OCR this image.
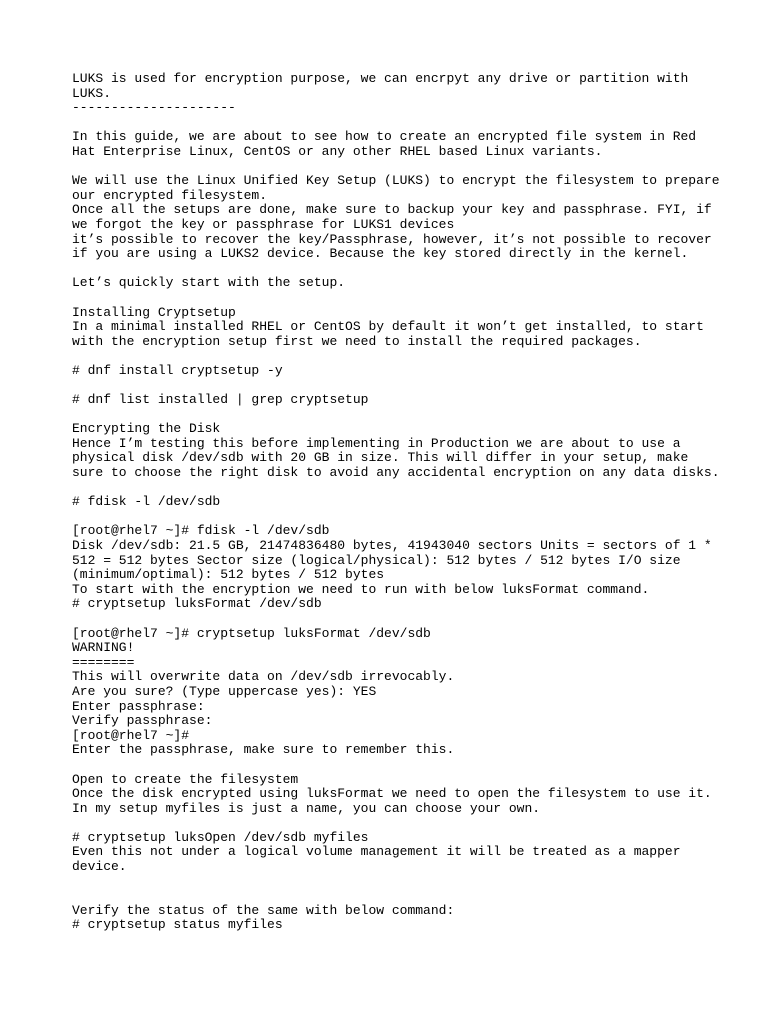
LUKS is used for encryption purpose, we can encrpyt any drive or partition with
LUKS.
---------------------
In this guide, we are about to see how to create an encrypted file system in Red
Hat Enterprise Linux, CentOS or any other RHEL based Linux variants.
We will use the Linux Unified Key Setup (LUKS) to encrypt the filesystem to prepare
our encrypted filesystem.
Once all the setups are done, make sure to backup your key and passphrase. FYI, if
we forgot the key or passphrase for LUKS1 devices
it’s possible to recover the key/Passphrase, however, it’s not possible to recover
if you are using a LUKS2 device. Because the key stored directly in the kernel.
Let’s quickly start with the setup.
Installing Cryptsetup
In a minimal installed RHEL or CentOS by default it won’t get installed, to start
with the encryption setup first we need to install the required packages.
# dnf install cryptsetup -y
# dnf list installed | grep cryptsetup
Encrypting the Disk
Hence I’m testing this before implementing in Production we are about to use a
physical disk /dev/sdb with 20 GB in size. This will differ in your setup, make
sure to choose the right disk to avoid any accidental encryption on any data disks.
# fdisk -l /dev/sdb
[root@rhel7 ~]# fdisk -l /dev/sdb
Disk /dev/sdb: 21.5 GB, 21474836480 bytes, 41943040 sectors Units = sectors of 1 *
512 = 512 bytes Sector size (logical/physical): 512 bytes / 512 bytes I/O size
(minimum/optimal): 512 bytes / 512 bytes
To start with the encryption we need to run with below luksFormat command.
# cryptsetup luksFormat /dev/sdb
[root@rhel7 ~]# cryptsetup luksFormat /dev/sdb
WARNING!
========
This will overwrite data on /dev/sdb irrevocably.
Are you sure? (Type uppercase yes): YES
Enter passphrase:
Verify passphrase:
[root@rhel7 ~]#
Enter the passphrase, make sure to remember this.
Open to create the filesystem
Once the disk encrypted using luksFormat we need to open the filesystem to use it.
In my setup myfiles is just a name, you can choose your own.
# cryptsetup luksOpen /dev/sdb myfiles
Even this not under a logical volume management it will be treated as a mapper
device.
Verify the status of the same with below command:
# cryptsetup status myfiles
